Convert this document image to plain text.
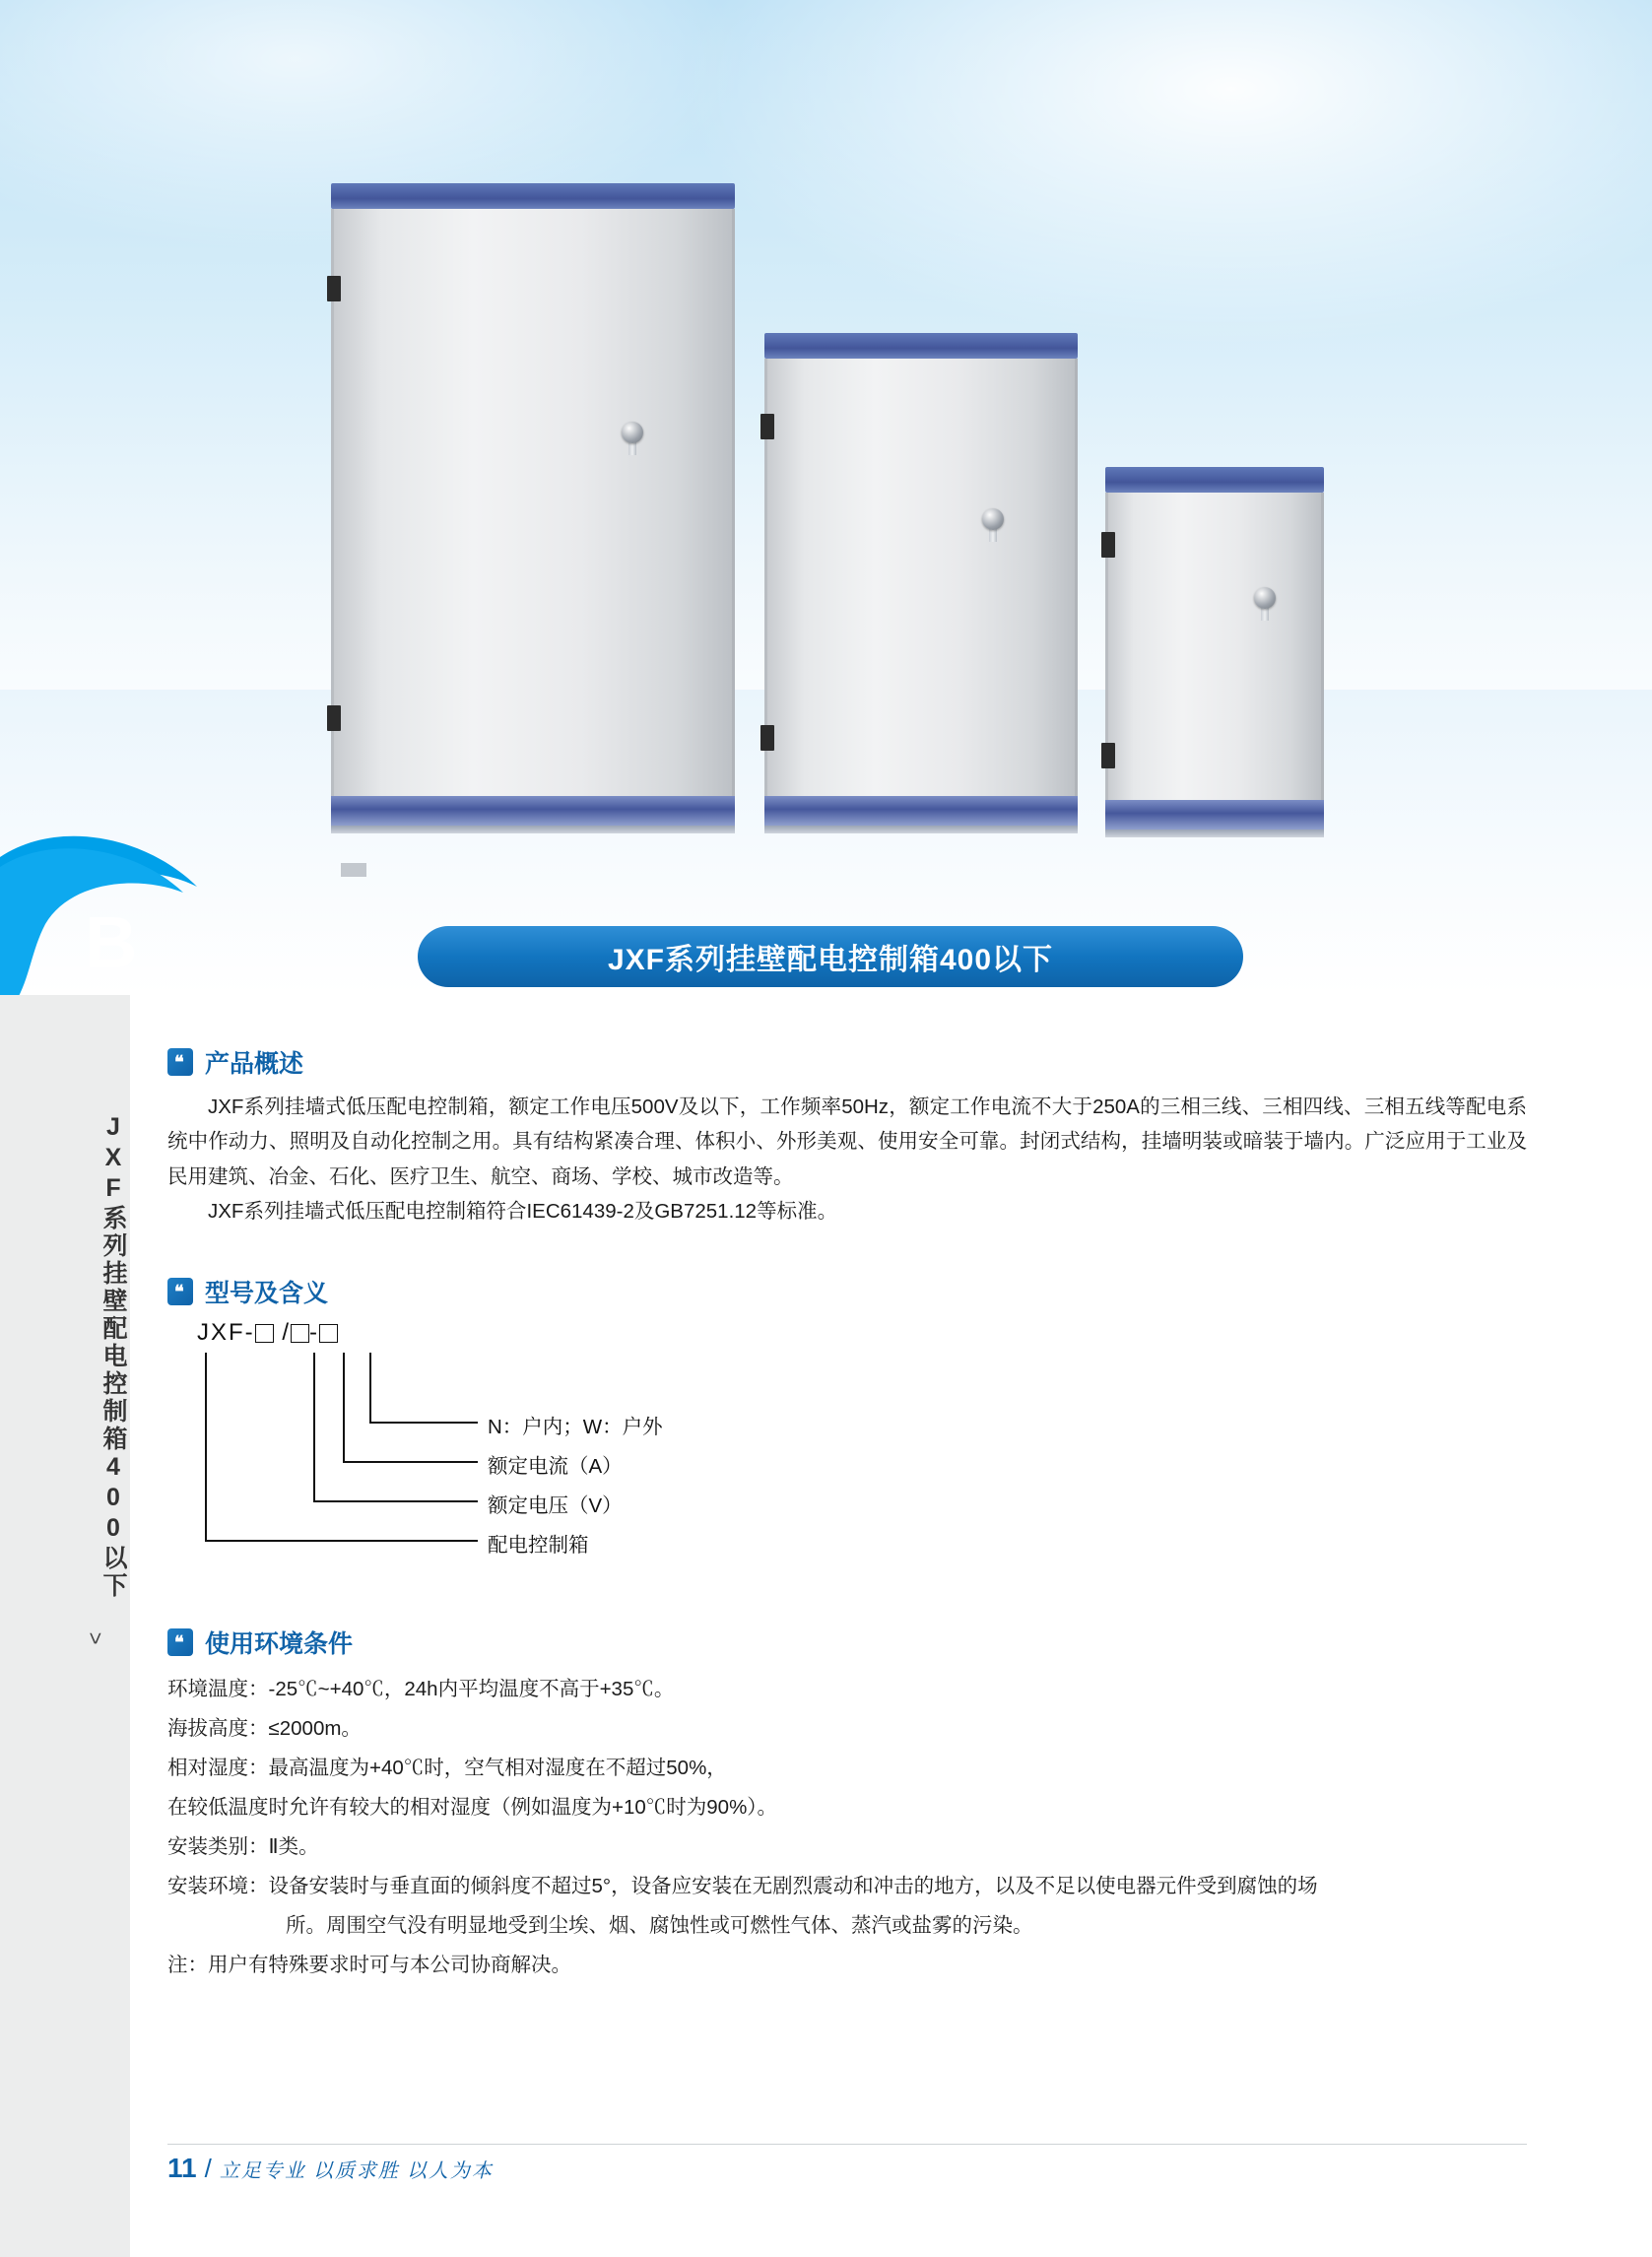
B
JXF系列挂壁配电控制箱400以下
>
JXF系列挂壁配电控制箱400以下
❝ 产品概述

JXF系列挂墙式低压配电控制箱，额定工作电压500V及以下，工作频率50Hz，额定工作电流不大于250A的三相三线、三相四线、三相五线等配电系统中作动力、照明及自动化控制之用。具有结构紧凑合理、体积小、外形美观、使用安全可靠。封闭式结构，挂墙明装或暗装于墙内。广泛应用于工业及民用建筑、冶金、石化、医疗卫生、航空、商场、学校、城市改造等。

JXF系列挂墙式低压配电控制箱符合IEC61439-2及GB7251.12等标准。

❝ 型号及含义
JXF- / -
N：户内；W：户外
额定电流（A）
额定电压（V）
配电控制箱
❝ 使用环境条件
环境温度：-25℃~+40℃，24h内平均温度不高于+35℃。
海拔高度：≤2000m。
相对湿度：最高温度为+40℃时，空气相对湿度在不超过50%，
在较低温度时允许有较大的相对湿度（例如温度为+10℃时为90%）。
安装类别：Ⅱ类。
安装环境：设备安装时与垂直面的倾斜度不超过5°，设备应安装在无剧烈震动和冲击的地方，以及不足以使电器元件受到腐蚀的场
所。周围空气没有明显地受到尘埃、烟、腐蚀性或可燃性气体、蒸汽或盐雾的污染。
注：用户有特殊要求时可与本公司协商解决。
11 / 立足专业 以质求胜 以人为本
